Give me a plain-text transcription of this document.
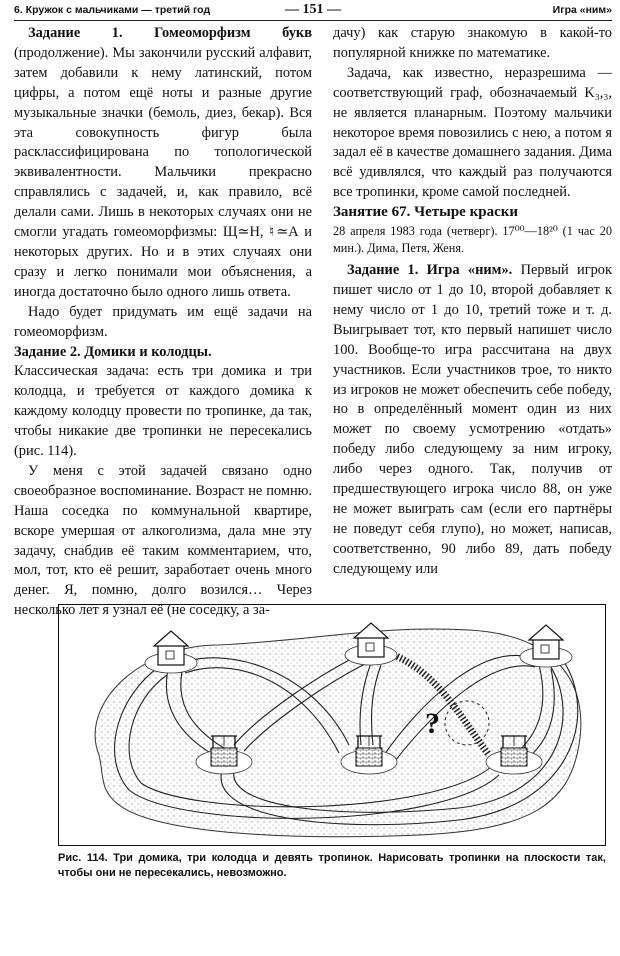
6. Кружок с мальчиками — третий год	— 151 —	Игра «ним»

Задание 1. Гомеоморфизм букв (продолжение). Мы закончили русский алфавит, затем добавили к нему латинский, потом цифры, а потом ещё ноты и разные другие музыкальные значки (бемоль, диез, бекар). Вся эта совокупность фигур была расклассифицирована по топологической эквивалентности. Мальчики прекрасно справлялись с задачей, и, как правило, всё делали сами. Лишь в некоторых случаях они не смогли угадать гомеоморфизмы: Щ≃Н, ♮≃А и некоторых других. Но и в этих случаях они сразу и легко понимали мои объяснения, а иногда достаточно было одного лишь ответа.

Надо будет придумать им ещё задачи на гомеоморфизм.

Задание 2. Домики и колодцы.

Классическая задача: есть три домика и три колодца, и требуется от каждого домика к каждому колодцу провести по тропинке, да так, чтобы никакие две тропинки не пересекались (рис. 114).

У меня с этой задачей связано одно своеобразное воспоминание. Возраст не помню. Наша соседка по коммунальной квартире, вскоре умершая от алкоголизма, дала мне эту задачу, снабдив её таким комментарием, что, мол, тот, кто её решит, заработает очень много денег. Я, помню, долго возился… Через несколько лет я узнал её (не соседку, а за-

дачу) как старую знакомую в какой-то популярной книжке по математике.

Задача, как известно, неразрешима — соответствующий граф, обозначаемый K₃,₃, не является планарным. Поэтому мальчики некоторое время повозились с нею, а потом я задал её в качестве домашнего задания. Дима всё удивлялся, что каждый раз получаются все тропинки, кроме самой последней.

Занятие 67. Четыре краски

28 апреля 1983 года (четверг). 17⁰⁰—18²⁰ (1 час 20 мин.). Дима, Петя, Женя.

Задание 1. Игра «ним». Первый игрок пишет число от 1 до 10, второй добавляет к нему число от 1 до 10, третий тоже и т. д. Выигрывает тот, кто первый напишет число 100. Вообще-то игра рассчитана на двух участников. Если участников трое, то никто из игроков не может обеспечить себе победу, но в определённый момент один из них может по своему усмотрению «отдать» победу либо следующему за ним игроку, либо через одного. Так, получив от предшествующего игрока число 88, он уже не может выиграть сам (если его партнёры не поведут себя глупо), но может, написав, соответственно, 90 либо 89, дать победу следующему или

?
Рис. 114. Три домика, три колодца и девять тропинок. Нарисовать тропинки на плоскости так, чтобы они не пересекались, невозможно.
